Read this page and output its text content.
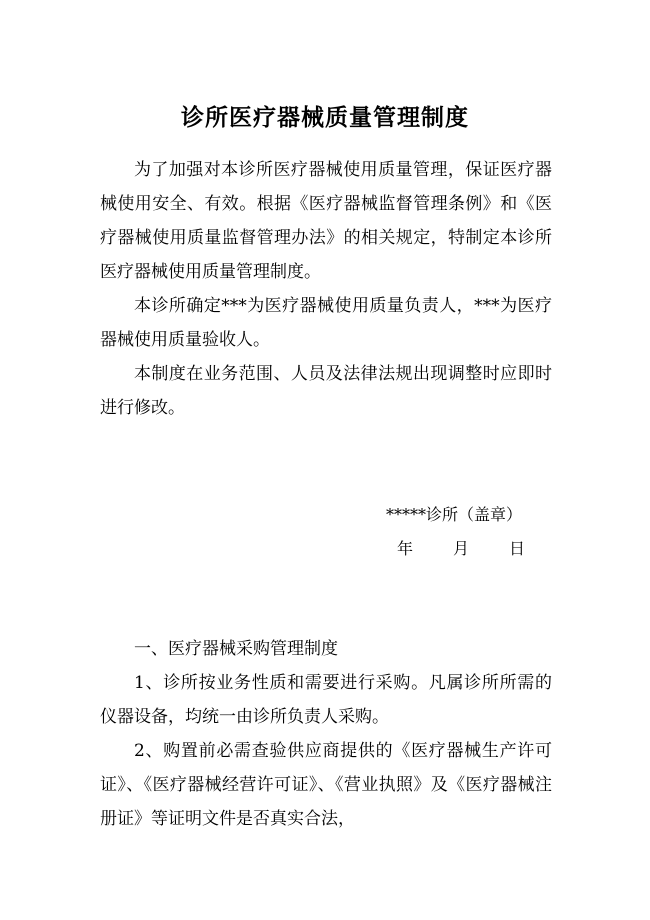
诊所医疗器械质量管理制度

为了加强对本诊所医疗器械使用质量管理，保证医疗器械使用安全、有效。根据《医疗器械监督管理条例》和《医疗器械使用质量监督管理办法》的相关规定，特制定本诊所医疗器械使用质量管理制度。

本诊所确定***为医疗器械使用质量负责人，***为医疗器械使用质量验收人。

本制度在业务范围、人员及法律法规出现调整时应即时进行修改。

*****诊所（盖章）
年	月	日

一、医疗器械采购管理制度

1、诊所按业务性质和需要进行采购。凡属诊所所需的仪器设备，均统一由诊所负责人采购。

2、购置前必需查验供应商提供的《医疗器械生产许可证》、《医疗器械经营许可证》、《营业执照》及《医疗器械注册证》等证明文件是否真实合法，
